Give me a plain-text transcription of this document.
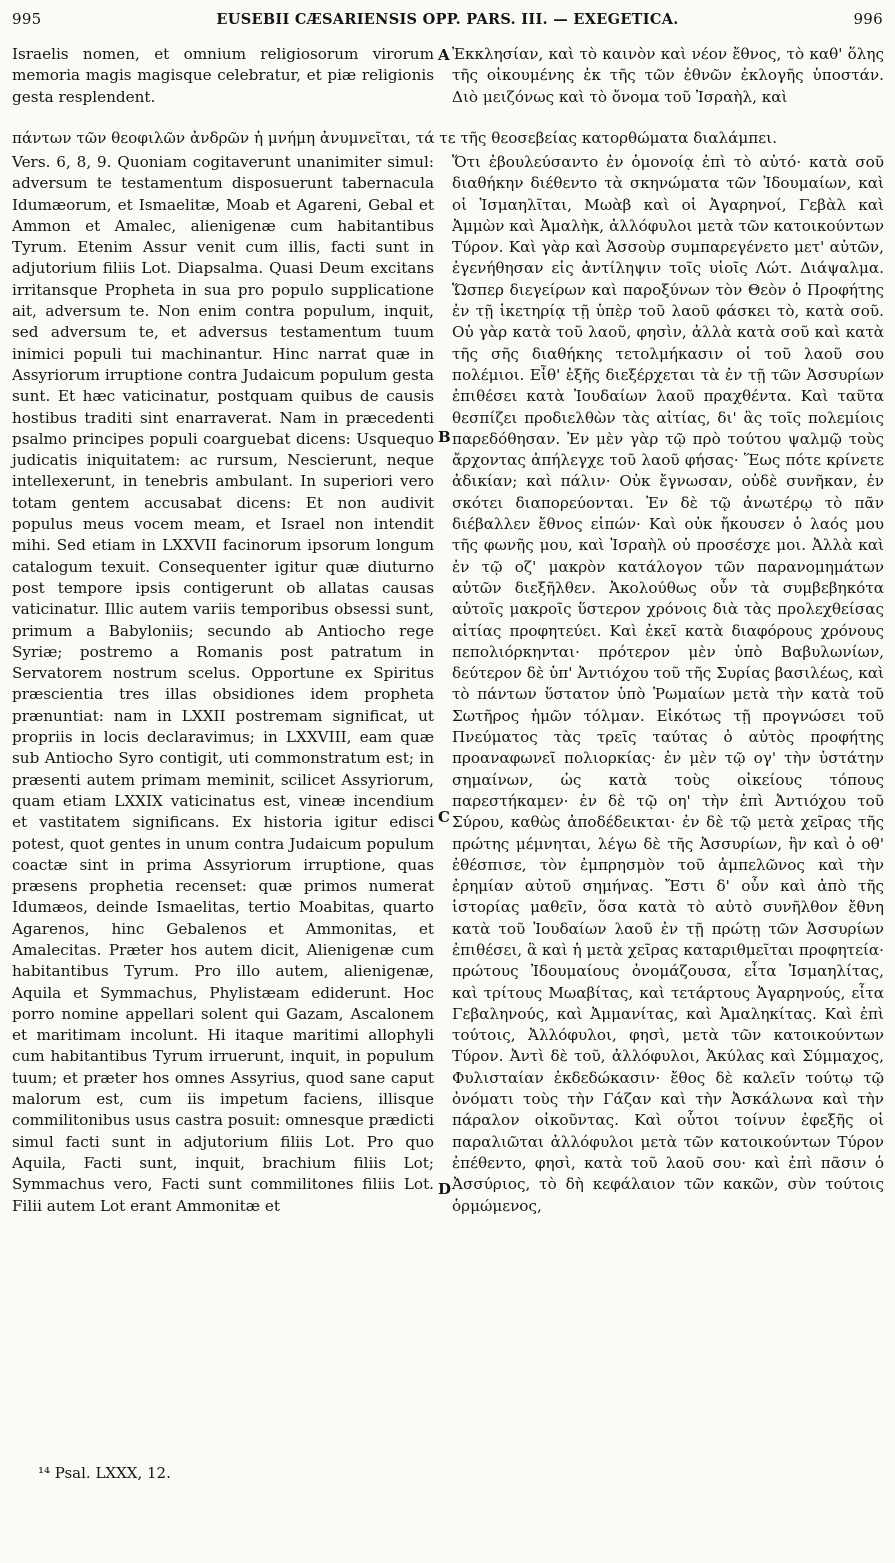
995	EUSEBII CÆSARIENSIS OPP. PARS. III. — EXEGETICA.	996

Israelis nomen, et omnium religiosorum virorum memoria magis magisque celebratur, et piæ religionis gesta resplendent.

Ἐκκλησίαν, καὶ τὸ καινὸν καὶ νέον ἔθνος, τὸ καθ' ὅλης τῆς οἰκουμένης ἐκ τῆς τῶν ἐθνῶν ἐκλογῆς ὑποστάν. Διὸ μειζόνως καὶ τὸ ὄνομα τοῦ Ἰσραὴλ, καὶ

πάντων τῶν θεοφιλῶν ἀνδρῶν ἡ μνήμη ἀνυμνεῖται, τά τε τῆς θεοσεβείας κατορθώματα διαλάμπει.

Vers. 6, 8, 9. Quoniam cogitaverunt unanimiter simul: adversum te testamentum disposuerunt tabernacula Idumæorum, et Ismaelitæ, Moab et Agareni, Gebal et Ammon et Amalec, alienigenæ cum habitantibus Tyrum. Etenim Assur venit cum illis, facti sunt in adjutorium filiis Lot. Diapsalma. Quasi Deum excitans irritansque Propheta in sua pro populo supplicatione ait, adversum te. Non enim contra populum, inquit, sed adversum te, et adversus testamentum tuum inimici populi tui machinantur. Hinc narrat quæ in Assyriorum irruptione contra Judaicum populum gesta sunt. Et hæc vaticinatur, postquam quibus de causis hostibus traditi sint enarraverat. Nam in præcedenti psalmo principes populi coarguebat dicens: Usquequo judicatis iniquitatem: ac rursum, Nescierunt, neque intellexerunt, in tenebris ambulant. In superiori vero totam gentem accusabat dicens: Et non audivit populus meus vocem meam, et Israel non intendit mihi. Sed etiam in LXXVII facinorum ipsorum longum catalogum texuit. Consequenter igitur quæ diuturno post tempore ipsis contigerunt ob allatas causas vaticinatur. Illic autem variis temporibus obsessi sunt, primum a Babyloniis; secundo ab Antiocho rege Syriæ; postremo a Romanis post patratum in Servatorem nostrum scelus. Opportune ex Spiritus præscientia tres illas obsidiones idem propheta prænuntiat: nam in LXXII postremam significat, ut propriis in locis declaravimus; in LXXVIII, eam quæ sub Antiocho Syro contigit, uti commonstratum est; in præsenti autem primam meminit, scilicet Assyriorum, quam etiam LXXIX vaticinatus est, vineæ incendium et vastitatem significans. Ex historia igitur edisci potest, quot gentes in unum contra Judaicum populum coactæ sint in prima Assyriorum irruptione, quas præsens prophetia recenset: quæ primos numerat Idumæos, deinde Ismaelitas, tertio Moabitas, quarto Agarenos, hinc Gebalenos et Ammonitas, et Amalecitas. Præter hos autem dicit, Alienigenæ cum habitantibus Tyrum. Pro illo autem, alienigenæ, Aquila et Symmachus, Phylistæam ediderunt. Hoc porro nomine appellari solent qui Gazam, Ascalonem et maritimam incolunt. Hi itaque maritimi allophyli cum habitantibus Tyrum irruerunt, inquit, in populum tuum; et præter hos omnes Assyrius, quod sane caput malorum est, cum iis impetum faciens, illisque commilitonibus usus castra posuit: omnesque prædicti simul facti sunt in adjutorium filiis Lot. Pro quo Aquila, Facti sunt, inquit, brachium filiis Lot; Symmachus vero, Facti sunt commilitones filiis Lot. Filii autem Lot erant Ammonitæ et

Ὅτι ἐβουλεύσαντο ἐν ὁμονοίᾳ ἐπὶ τὸ αὐτό· κατὰ σοῦ διαθήκην διέθεντο τὰ σκηνώματα τῶν Ἰδουμαίων, καὶ οἱ Ἰσμαηλῖται, Μωὰβ καὶ οἱ Ἀγαρηνοί, Γεβὰλ καὶ Ἀμμὼν καὶ Ἀμαλὴκ, ἀλλόφυλοι μετὰ τῶν κατοικούντων Τύρον. Καὶ γὰρ καὶ Ἀσσοὺρ συμπαρεγένετο μετ' αὐτῶν, ἐγενήθησαν εἰς ἀντίληψιν τοῖς υἱοῖς Λώτ. Διάψαλμα. Ὥσπερ διεγείρων καὶ παροξύνων τὸν Θεὸν ὁ Προφήτης ἐν τῇ ἱκετηρίᾳ τῇ ὑπὲρ τοῦ λαοῦ φάσκει τὸ, κατὰ σοῦ. Οὐ γὰρ κατὰ τοῦ λαοῦ, φησὶν, ἀλλὰ κατὰ σοῦ καὶ κατὰ τῆς σῆς διαθήκης τετολμήκασιν οἱ τοῦ λαοῦ σου πολέμιοι. Εἶθ' ἑξῆς διεξέρχεται τὰ ἐν τῇ τῶν Ἀσσυρίων ἐπιθέσει κατὰ Ἰουδαίων λαοῦ πραχθέντα. Καὶ ταῦτα θεσπίζει προδιελθὼν τὰς αἰτίας, δι' ἃς τοῖς πολεμίοις παρεδόθησαν. Ἐν μὲν γὰρ τῷ πρὸ τούτου ψαλμῷ τοὺς ἄρχοντας ἀπήλεγχε τοῦ λαοῦ φήσας· Ἕως πότε κρίνετε ἀδικίαν; καὶ πάλιν· Οὐκ ἔγνωσαν, οὐδὲ συνῆκαν, ἐν σκότει διαπορεύονται. Ἐν δὲ τῷ ἀνωτέρῳ τὸ πᾶν διέβαλλεν ἔθνος εἰπών· Καὶ οὐκ ἤκουσεν ὁ λαός μου τῆς φωνῆς μου, καὶ Ἰσραὴλ οὐ προσέσχε μοι. Ἀλλὰ καὶ ἐν τῷ οζ' μακρὸν κατάλογον τῶν παρανομημάτων αὐτῶν διεξῆλθεν. Ἀκολούθως οὖν τὰ συμβεβηκότα αὐτοῖς μακροῖς ὕστερον χρόνοις διὰ τὰς προλεχθείσας αἰτίας προφητεύει. Καὶ ἐκεῖ κατὰ διαφόρους χρόνους πεπολιόρκηνται· πρότερον μὲν ὑπὸ Βαβυλωνίων, δεύτερον δὲ ὑπ' Ἀντιόχου τοῦ τῆς Συρίας βασιλέως, καὶ τὸ πάντων ὕστατον ὑπὸ Ῥωμαίων μετὰ τὴν κατὰ τοῦ Σωτῆρος ἡμῶν τόλμαν. Εἰκότως τῇ προγνώσει τοῦ Πνεύματος τὰς τρεῖς ταύτας ὁ αὐτὸς προφήτης προαναφωνεῖ πολιορκίας· ἐν μὲν τῷ ογ' τὴν ὑστάτην σημαίνων, ὡς κατὰ τοὺς οἰκείους τόπους παρεστήκαμεν· ἐν δὲ τῷ οη' τὴν ἐπὶ Ἀντιόχου τοῦ Σύρου, καθὼς ἀποδέδεικται· ἐν δὲ τῷ μετὰ χεῖρας τῆς πρώτης μέμνηται, λέγω δὲ τῆς Ἀσσυρίων, ἣν καὶ ὁ οθ' ἐθέσπισε, τὸν ἐμπρησμὸν τοῦ ἀμπελῶνος καὶ τὴν ἐρημίαν αὐτοῦ σημήνας. Ἔστι δ' οὖν καὶ ἀπὸ τῆς ἱστορίας μαθεῖν, ὅσα κατὰ τὸ αὐτὸ συνῆλθον ἔθνη κατὰ τοῦ Ἰουδαίων λαοῦ ἐν τῇ πρώτῃ τῶν Ἀσσυρίων ἐπιθέσει, ἃ καὶ ἡ μετὰ χεῖρας καταριθμεῖται προφητεία· πρώτους Ἰδουμαίους ὀνομάζουσα, εἶτα Ἰσμαηλίτας, καὶ τρίτους Μωαβίτας, καὶ τετάρτους Ἀγαρηνούς, εἶτα Γεβαληνούς, καὶ Ἀμμανίτας, καὶ Ἀμαληκίτας. Καὶ ἐπὶ τούτοις, Ἀλλόφυλοι, φησὶ, μετὰ τῶν κατοικούντων Τύρον. Ἀντὶ δὲ τοῦ, ἀλλόφυλοι, Ἀκύλας καὶ Σύμμαχος, Φυλισταίαν ἐκδεδώκασιν· ἔθος δὲ καλεῖν τούτῳ τῷ ὀνόματι τοὺς τὴν Γάζαν καὶ τὴν Ἀσκάλωνα καὶ τὴν πάραλον οἰκοῦντας. Καὶ οὗτοι τοίνυν ἐφεξῆς οἱ παραλιῶται ἀλλόφυλοι μετὰ τῶν κατοικούντων Τύρον ἐπέθεντο, φησὶ, κατὰ τοῦ λαοῦ σου· καὶ ἐπὶ πᾶσιν ὁ Ἀσσύριος, τὸ δὴ κεφάλαιον τῶν κακῶν, σὺν τούτοις ὁρμώμενος,

A
B
C
D
¹⁴ Psal. LXXX, 12.
